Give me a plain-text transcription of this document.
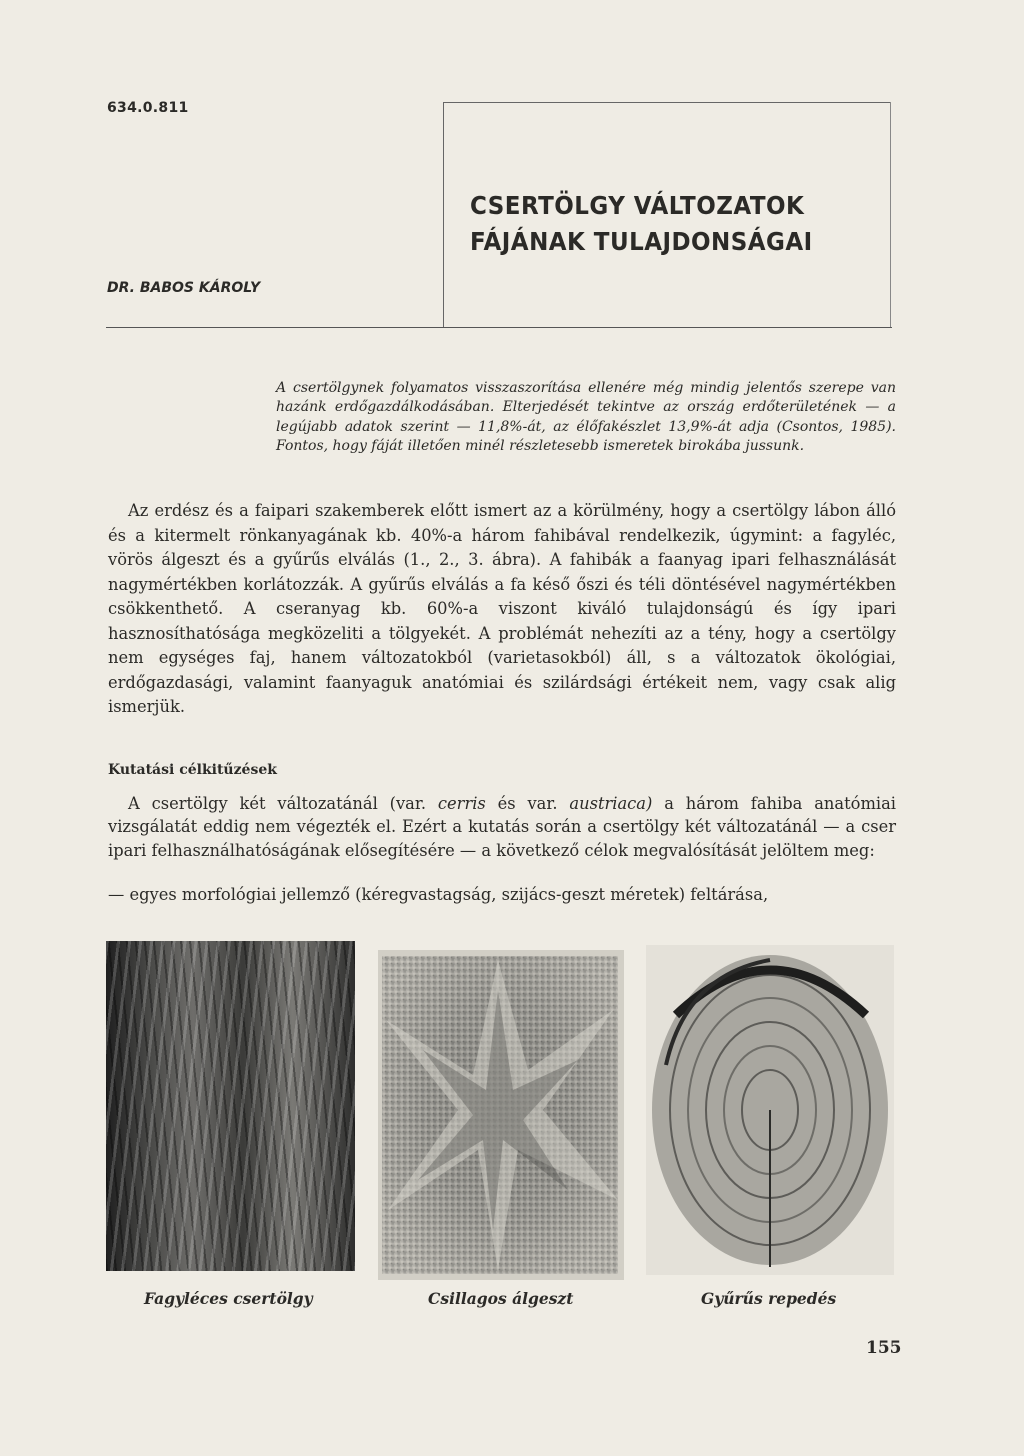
634.0.811
DR. BABOS KÁROLY
CSERTÖLGY VÁLTOZATOK
FÁJÁNAK TULAJDONSÁGAI
A csertölgynek folyamatos visszaszorítása ellenére még mindig jelentős szerepe van hazánk erdőgazdálkodásában. Elterjedését tekintve az ország erdőterületének — a legújabb adatok szerint — 11,8%-át, az élőfakészlet 13,9%-át adja (Csontos, 1985). Fontos, hogy fáját illetően minél részletesebb ismeretek birokába jussunk.
Az erdész és a faipari szakemberek előtt ismert az a körülmény, hogy a csertölgy lábon álló és a kitermelt rönkanyagának kb. 40%-a három fahibával rendelkezik, úgymint: a fagyléc, vörös álgeszt és a gyűrűs elválás (1., 2., 3. ábra). A fahibák a faanyag ipari felhasználását nagymértékben korlátozzák. A gyűrűs elválás a fa késő őszi és téli döntésével nagymértékben csökkenthető. A cseranyag kb. 60%-a viszont kiváló tulajdonságú és így ipari hasznosíthatósága megközeliti a tölgyekét. A problémát nehezíti az a tény, hogy a csertölgy nem egységes faj, hanem változatokból (varietasokból) áll, s a változatok ökológiai, erdőgazdasági, valamint faanyaguk anatómiai és szilárdsági értékeit nem, vagy csak alig ismerjük.
Kutatási célkitűzések
A csertölgy két változatánál (var. cerris és var. austriaca) a három fahiba anatómiai vizsgálatát eddig nem végezték el. Ezért a kutatás során a csertölgy két változatánál — a cser ipari felhasználhatóságának elősegítésére — a következő célok megvalósítását jelöltem meg:
— egyes morfológiai jellemző (kéregvastagság, szijács-geszt méretek) feltárása,
Fagyléces csertölgy	Csillagos álgeszt	Gyűrűs repedés
155
